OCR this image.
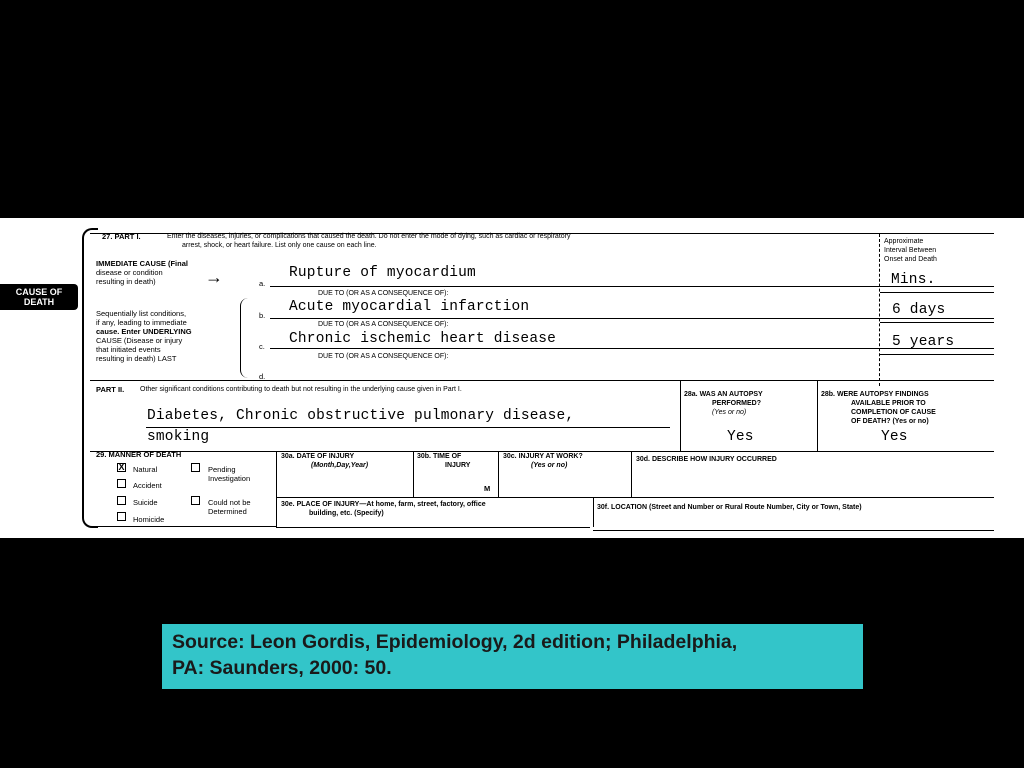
CAUSE OF
DEATH
27. PART I.	Enter the diseases, injuries, or complications that caused the death. Do not enter the mode of dying, such as cardiac or respiratory
arrest, shock, or heart failure. List only one cause on each line.
Approximate
Interval Between
Onset and Death
IMMEDIATE CAUSE (Final
disease or condition
resulting in death)	→
Sequentially list conditions,
if any, leading to immediate
cause. Enter UNDERLYING
CAUSE (Disease or injury
that initiated events
resulting in death) LAST
a.
Rupture of myocardium	Mins.
DUE TO (OR AS A CONSEQUENCE OF):
b.
Acute myocardial infarction	6 days
DUE TO (OR AS A CONSEQUENCE OF):
c. Chronic ischemic heart disease	5 years
DUE TO (OR AS A CONSEQUENCE OF):
d.
PART II. Other significant conditions contributing to death but not resulting in the underlying cause given in Part I.
Diabetes, Chronic obstructive pulmonary disease,
smoking
28a. WAS AN AUTOPSY
PERFORMED?
(Yes or no)
Yes
28b. WERE AUTOPSY FINDINGS
AVAILABLE PRIOR TO
COMPLETION OF CAUSE
OF DEATH? (Yes or no)
Yes
29. MANNER OF DEATH
X Natural
Accident
Suicide
Homicide
Pending Investigation
Could not be Determined
30a. DATE OF INJURY
(Month,Day,Year)
30b. TIME OF
INJURY
M
30c. INJURY AT WORK?
(Yes or no)
30d. DESCRIBE HOW INJURY OCCURRED
30e. PLACE OF INJURY—At home, farm, street, factory, office
building, etc. (Specify)
30f. LOCATION (Street and Number or Rural Route Number, City or Town, State)
Source: Leon Gordis, Epidemiology, 2d edition; Philadelphia,
PA: Saunders, 2000: 50.
